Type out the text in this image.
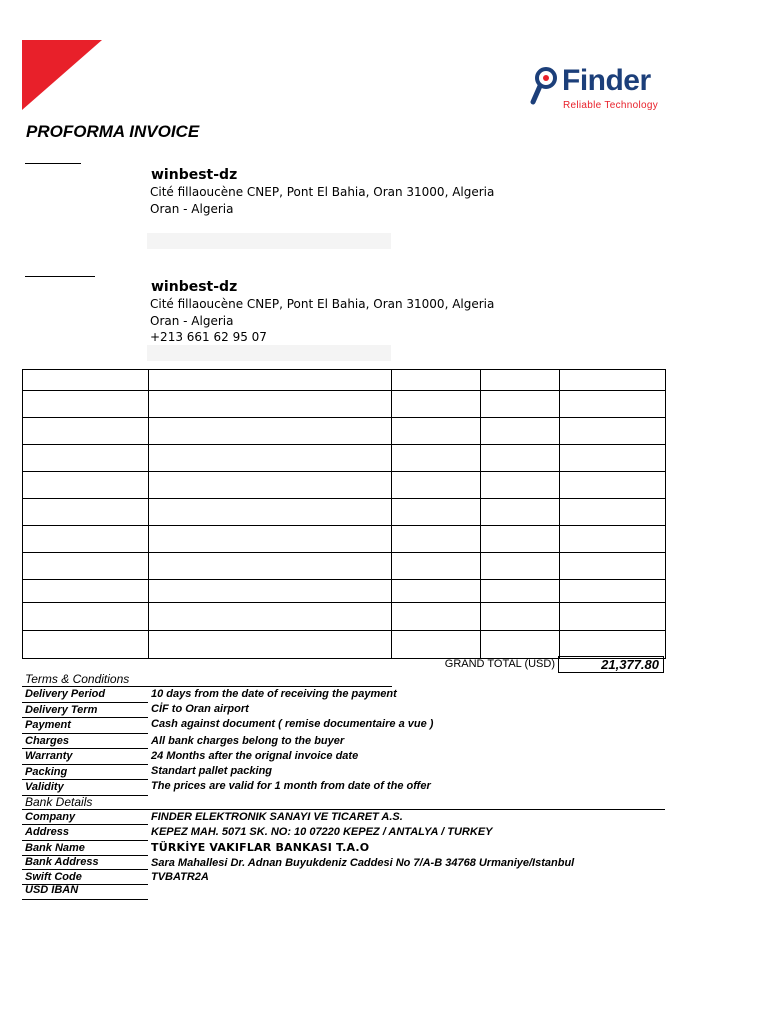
Finder
Reliable Technology
PROFORMA INVOICE
winbest-dz
Cité fillaoucène CNEP, Pont El Bahia, Oran 31000, Algeria
Oran - Algeria
winbest-dz
Cité fillaoucène CNEP, Pont El Bahia, Oran 31000, Algeria
Oran - Algeria
+213 661 62 95 07

GRAND TOTAL (USD)	21,377.80
Terms & Conditions
Delivery Period	10 days from the date of receiving the payment
Delivery Term	CİF to Oran airport
Payment	Cash against document ( remise documentaire a vue )
Charges	All bank charges belong to the buyer
Warranty	24 Months after the orignal invoice date
Packing	Standart pallet packing
Validity	The prices are valid for 1 month from date of the offer
Bank Details
Company	FINDER ELEKTRONIK SANAYI VE TICARET A.S.
Address	KEPEZ MAH. 5071 SK. NO: 10 07220 KEPEZ / ANTALYA / TURKEY
Bank Name	TÜRKİYE VAKIFLAR BANKASI T.A.O
Bank Address	Sara Mahallesi Dr. Adnan Buyukdeniz Caddesi No 7/A-B 34768 Urmaniye/Istanbul
Swift Code	TVBATR2A
USD IBAN
